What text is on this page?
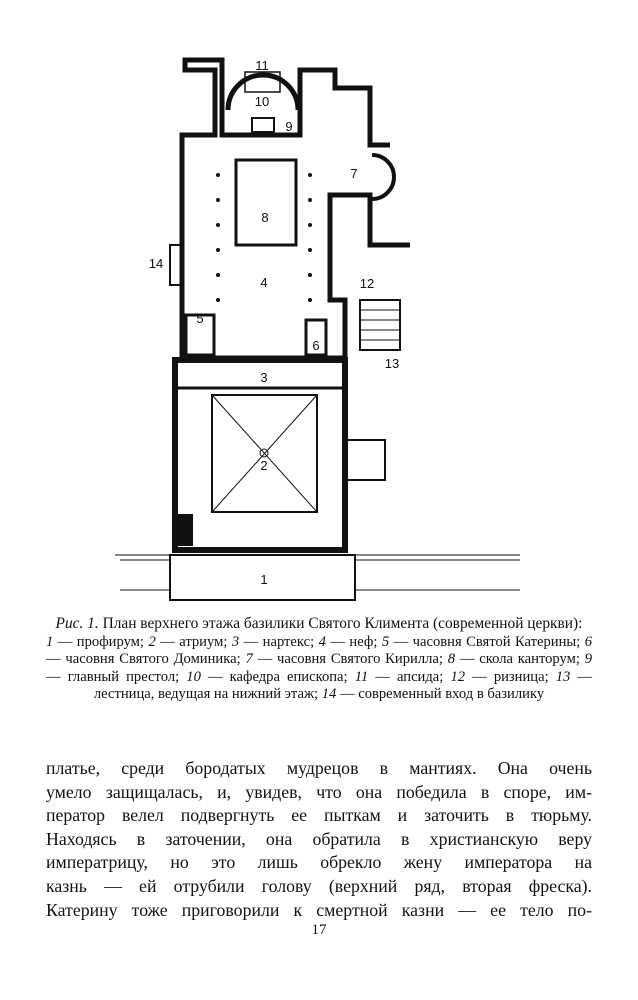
1
2
3
4
5
6
7
8
9
10
11
12
13
14
Рис. 1. План верхнего этажа базилики Святого Климента (современной церкви):
1 — профирум; 2 — атриум; 3 — нартекс; 4 — неф; 5 — часовня Святой Катерины; 6 — часовня Святого Доминика; 7 — часовня Святого Кирилла; 8 — скола канторум; 9 — главный престол; 10 — кафедра епископа; 11 — апсида; 12 — ризница; 13 — лестница, ведущая на нижний этаж; 14 — современный вход в базилику
платье, среди бородатых мудрецов в мантиях. Она очень
умело защищалась, и, увидев, что она победила в споре, им-
ператор велел подвергнуть ее пыткам и заточить в тюрьму.
Находясь в заточении, она обратила в христианскую веру
императрицу, но это лишь обрекло жену императора на
казнь — ей отрубили голову (верхний ряд, вторая фреска).
Катерину тоже приговорили к смертной казни — ее тело по-
17
